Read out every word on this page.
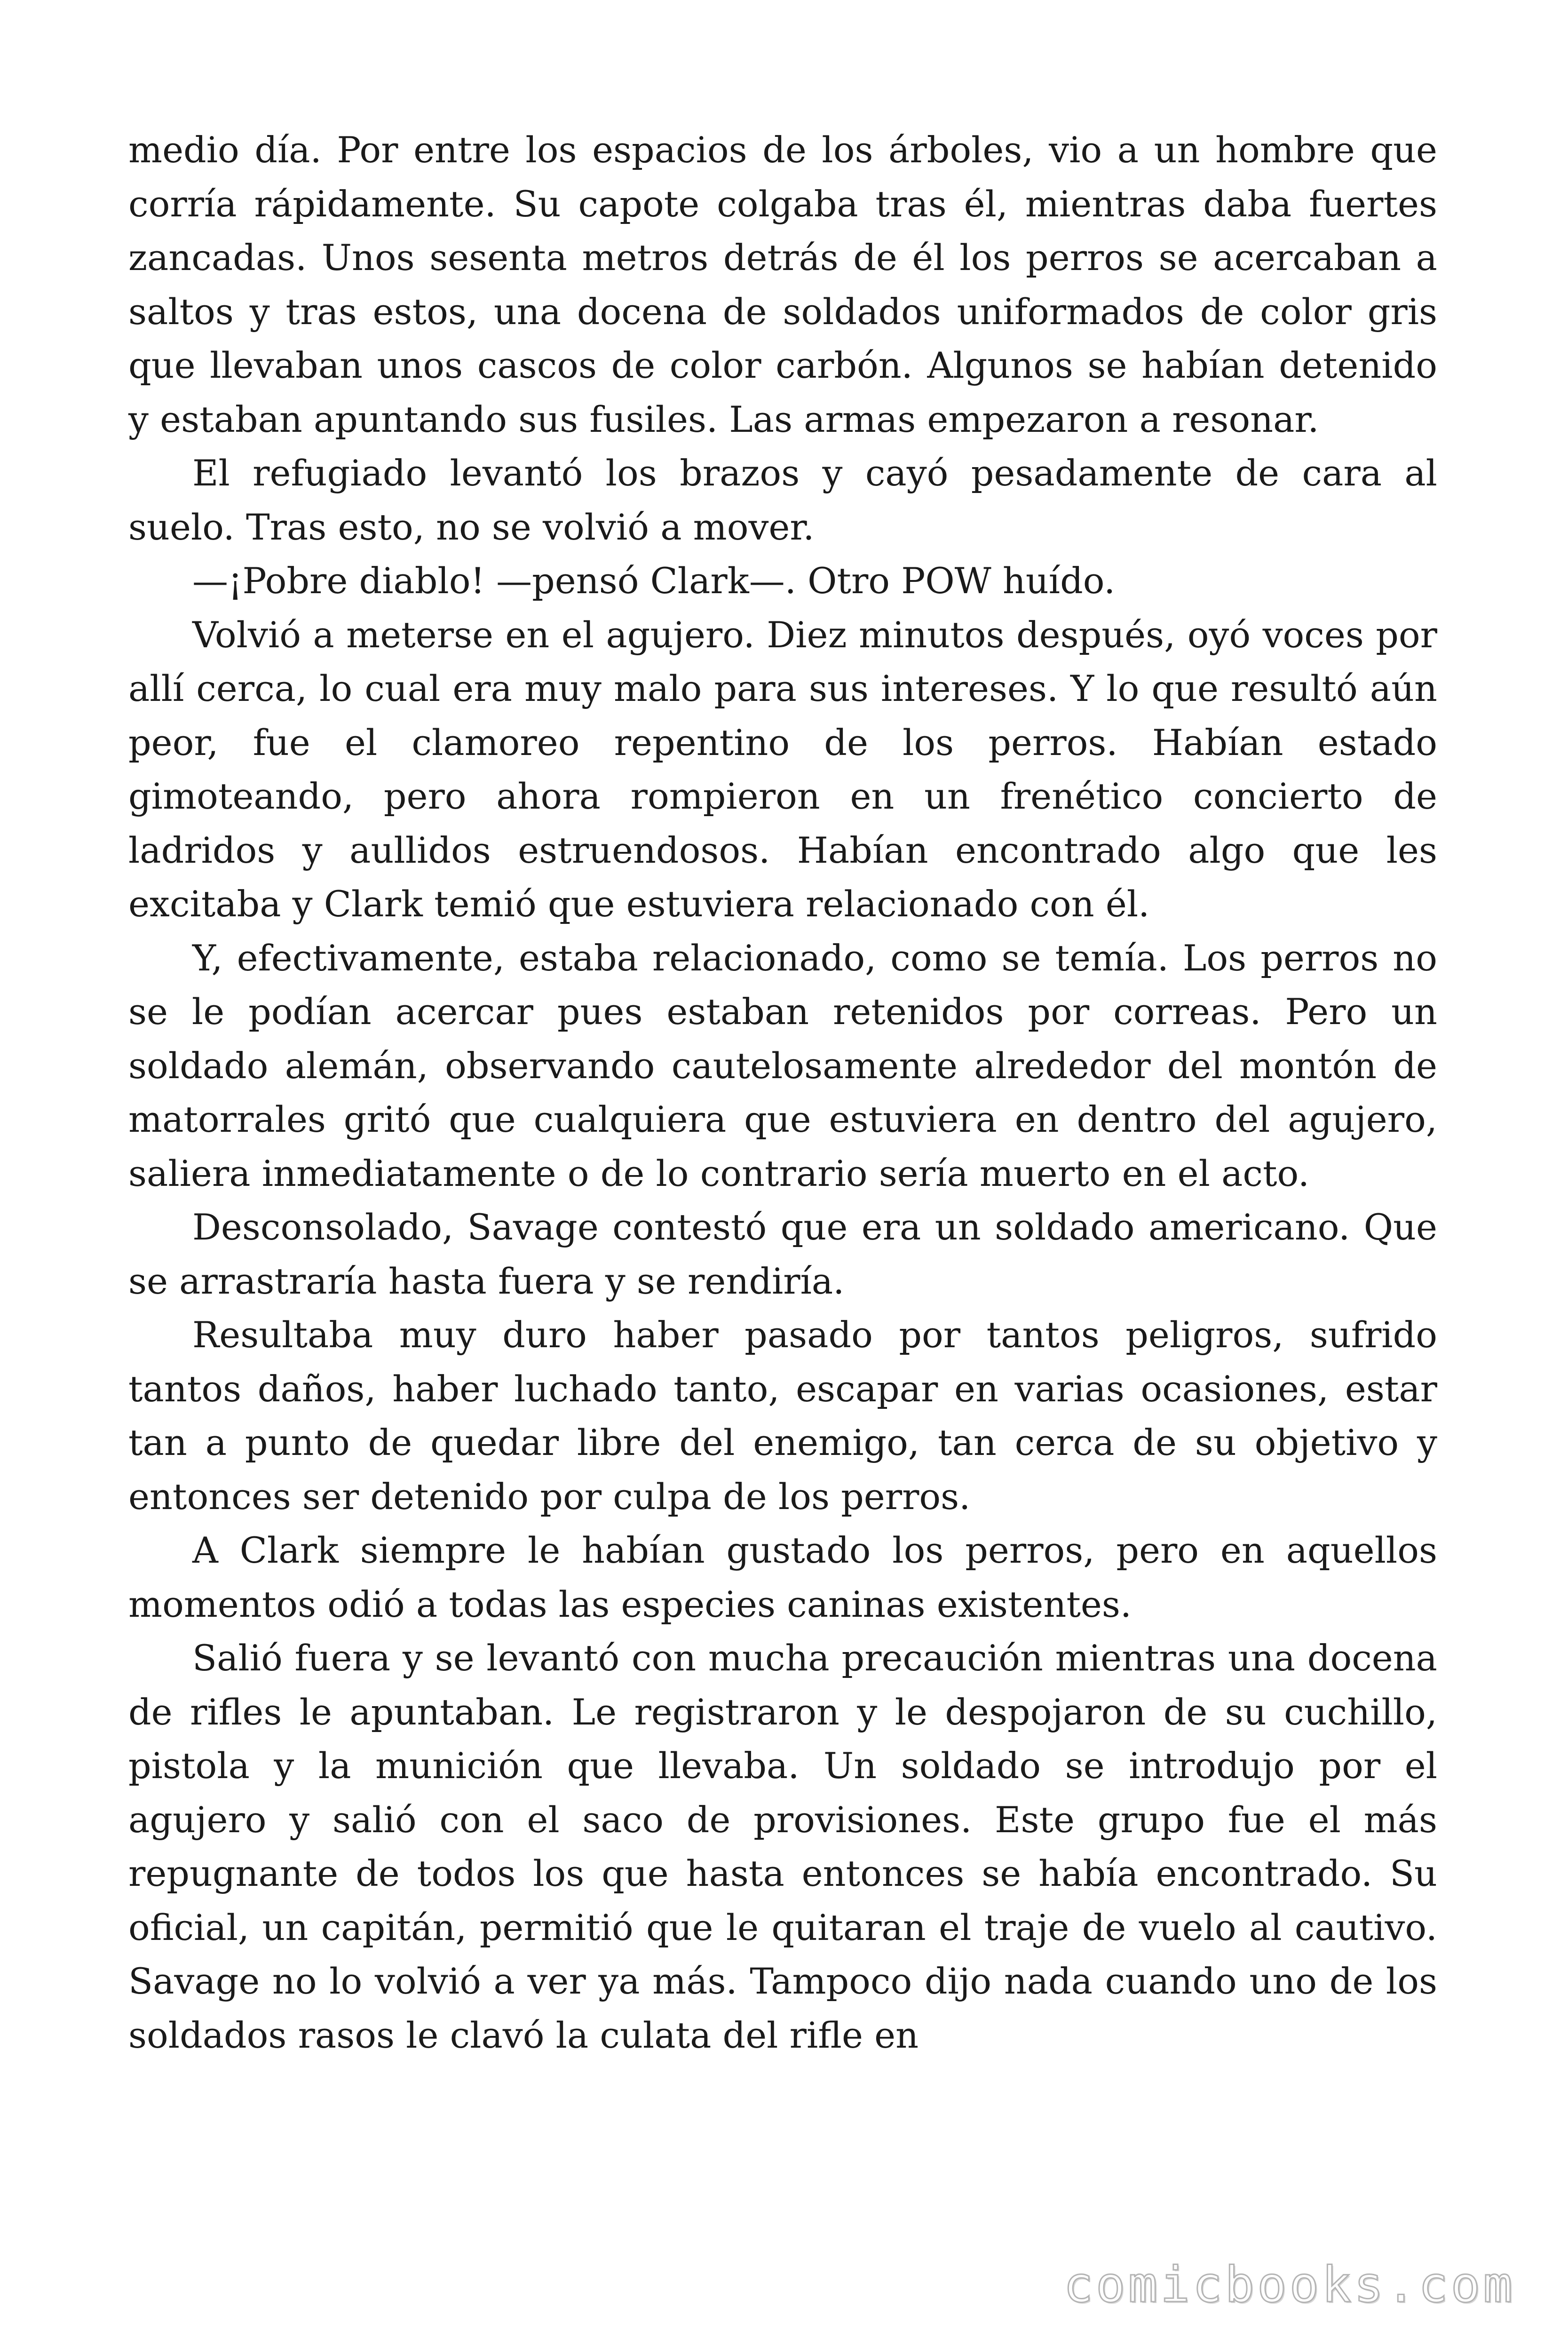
medio día. Por entre los espacios de los árboles, vio a un hombre que corría rápidamente. Su capote colgaba tras él, mientras daba fuertes zancadas. Unos sesenta metros detrás de él los perros se acercaban a saltos y tras estos, una docena de soldados uniformados de color gris que llevaban unos cascos de color carbón. Algunos se habían detenido y estaban apuntando sus fusiles. Las armas empezaron a resonar.

El refugiado levantó los brazos y cayó pesadamente de cara al suelo. Tras esto, no se volvió a mover.

—¡Pobre diablo! —pensó Clark—. Otro POW huído.

Volvió a meterse en el agujero. Diez minutos después, oyó voces por allí cerca, lo cual era muy malo para sus intereses. Y lo que resultó aún peor, fue el clamoreo repentino de los perros. Habían estado gimoteando, pero ahora rompieron en un frenético concierto de ladridos y aullidos estruendosos. Habían encontrado algo que les excitaba y Clark temió que estuviera relacionado con él.

Y, efectivamente, estaba relacionado, como se temía. Los perros no se le podían acercar pues estaban retenidos por correas. Pero un soldado alemán, observando cautelosamente alrededor del montón de matorrales gritó que cualquiera que estuviera en dentro del agujero, saliera inmediatamente o de lo contrario sería muerto en el acto.

Desconsolado, Savage contestó que era un soldado americano. Que se arrastraría hasta fuera y se rendiría.

Resultaba muy duro haber pasado por tantos peligros, sufrido tantos daños, haber luchado tanto, escapar en varias ocasiones, estar tan a punto de quedar libre del enemigo, tan cerca de su objetivo y entonces ser detenido por culpa de los perros.

A Clark siempre le habían gustado los perros, pero en aquellos momentos odió a todas las especies caninas existentes.

Salió fuera y se levantó con mucha precaución mientras una docena de rifles le apuntaban. Le registraron y le despojaron de su cuchillo, pistola y la munición que llevaba. Un soldado se introdujo por el agujero y salió con el saco de provisiones. Este grupo fue el más repugnante de todos los que hasta entonces se había encontrado. Su oficial, un capitán, permitió que le quitaran el traje de vuelo al cautivo. Savage no lo volvió a ver ya más. Tampoco dijo nada cuando uno de los soldados rasos le clavó la culata del rifle en

comicbooks.com
